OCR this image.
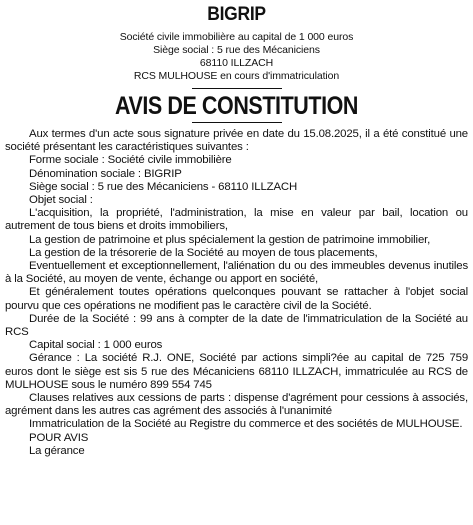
BIGRIP
Société civile immobilière au capital de 1 000 euros
Siège social : 5 rue des Mécaniciens
68110 ILLZACH
RCS MULHOUSE en cours d'immatriculation
AVIS DE CONSTITUTION

Aux termes d'un acte sous signature privée en date du 15.08.2025, il a été constitué une société présentant les caractéristiques suivantes :

Forme sociale : Société civile immobilière

Dénomination sociale : BIGRIP

Siège social : 5 rue des Mécaniciens - 68110 ILLZACH

Objet social :

L'acquisition, la propriété, l'administration, la mise en valeur par bail, location ou autrement de tous biens et droits immobiliers,

La gestion de patrimoine et plus spécialement la gestion de patrimoine immobilier,

La gestion de la trésorerie de la Société au moyen de tous placements,

Eventuellement et exceptionnellement, l'aliénation du ou des immeubles devenus inutiles à la Société, au moyen de vente, échange ou apport en société,

Et généralement toutes opérations quelconques pouvant se rattacher à l'objet social pourvu que ces opérations ne modifient pas le caractère civil de la Société.

Durée de la Société : 99 ans à compter de la date de l'immatriculation de la Société au RCS

Capital social : 1 000 euros

Gérance : La société R.J. ONE, Société par actions simpli?ée au capital de 725 759 euros dont le siège est sis 5 rue des Mécaniciens 68110 ILLZACH, immatriculée au RCS de MULHOUSE sous le numéro 899 554 745

Clauses relatives aux cessions de parts : dispense d'agrément pour cessions à associés, agrément dans les autres cas agrément des associés à l'unanimité

Immatriculation de la Société au Registre du commerce et des sociétés de MULHOUSE.

POUR AVIS

La gérance
